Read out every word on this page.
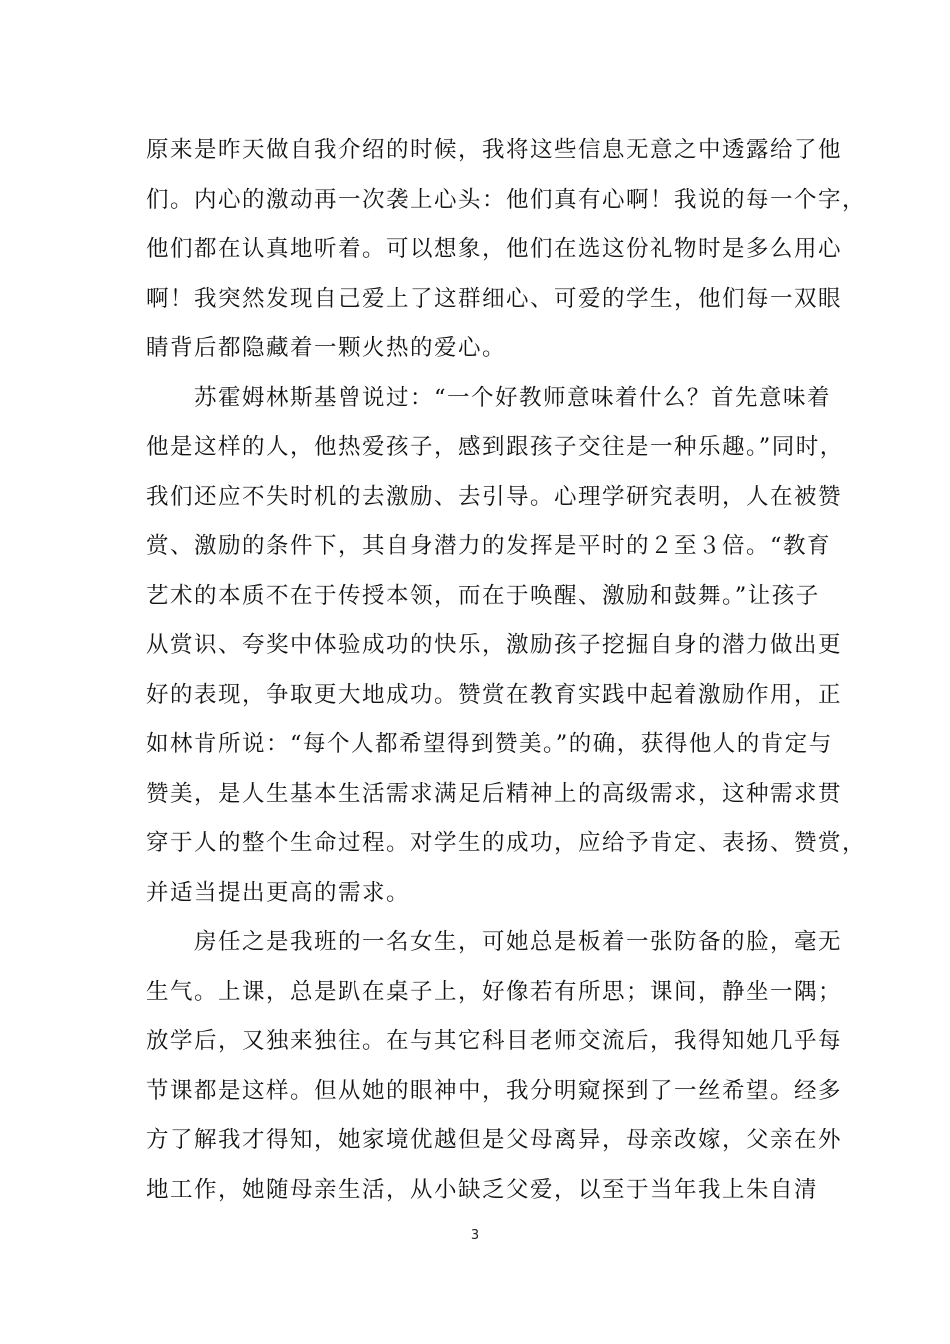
原来是昨天做自我介绍的时候，我将这些信息无意之中透露给了他
们。内心的激动再一次袭上心头：他们真有心啊！我说的每一个字，
他们都在认真地听着。可以想象，他们在选这份礼物时是多么用心
啊！我突然发现自己爱上了这群细心、可爱的学生，他们每一双眼
睛背后都隐藏着一颗火热的爱心。
　　苏霍姆林斯基曾说过：“一个好教师意味着什么？首先意味着
他是这样的人，他热爱孩子，感到跟孩子交往是一种乐趣。”同时，
我们还应不失时机的去激励、去引导。心理学研究表明，人在被赞
赏、激励的条件下，其自身潜力的发挥是平时的２至３倍。“教育
艺术的本质不在于传授本领，而在于唤醒、激励和鼓舞。”让孩子
从赏识、夸奖中体验成功的快乐，激励孩子挖掘自身的潜力做出更
好的表现，争取更大地成功。赞赏在教育实践中起着激励作用，正
如林肯所说：“每个人都希望得到赞美。”的确，获得他人的肯定与
赞美，是人生基本生活需求满足后精神上的高级需求，这种需求贯
穿于人的整个生命过程。对学生的成功，应给予肯定、表扬、赞赏，
并适当提出更高的需求。
　　房任之是我班的一名女生，可她总是板着一张防备的脸，毫无
生气。上课，总是趴在桌子上，好像若有所思；课间，静坐一隅；
放学后，又独来独往。在与其它科目老师交流后，我得知她几乎每
节课都是这样。但从她的眼神中，我分明窥探到了一丝希望。经多
方了解我才得知，她家境优越但是父母离异，母亲改嫁，父亲在外
地工作，她随母亲生活，从小缺乏父爱，以至于当年我上朱自清
3
